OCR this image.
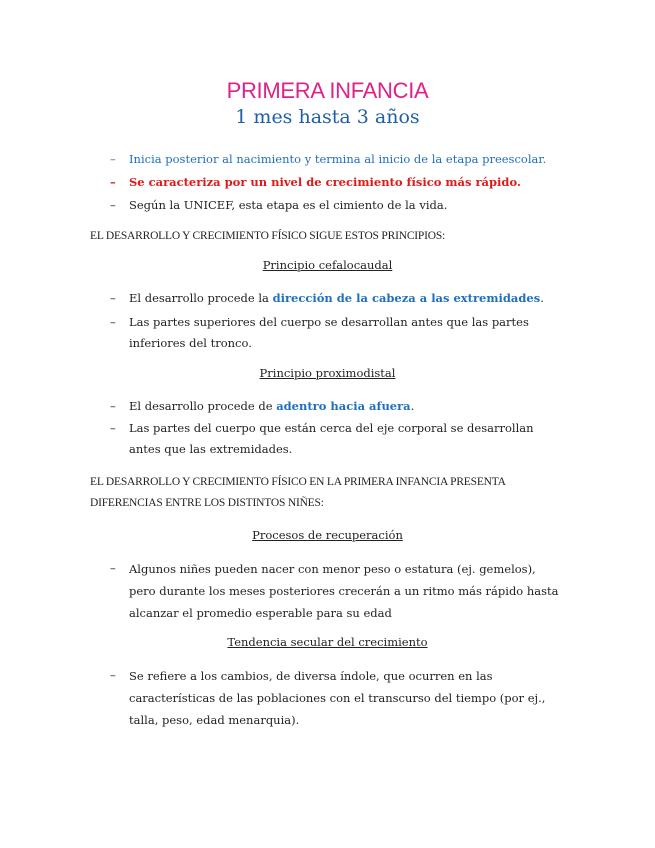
PRIMERA INFANCIA
1 mes hasta 3 años
–	Inicia posterior al nacimiento y termina al inicio de la etapa preescolar.
–	Se caracteriza por un nivel de crecimiento físico más rápido.
–	Según la UNICEF, esta etapa es el cimiento de la vida.
EL DESARROLLO Y CRECIMIENTO FÍSICO SIGUE ESTOS PRINCIPIOS:
Principio cefalocaudal
–	El desarrollo procede la dirección de la cabeza a las extremidades.
–	Las partes superiores del cuerpo se desarrollan antes que las partes
inferiores del tronco.
Principio proximodistal
–	El desarrollo procede de adentro hacia afuera.
–	Las partes del cuerpo que están cerca del eje corporal se desarrollan
antes que las extremidades.
EL DESARROLLO Y CRECIMIENTO FÍSICO EN LA PRIMERA INFANCIA PRESENTA
DIFERENCIAS ENTRE LOS DISTINTOS NIÑES:
Procesos de recuperación
–	Algunos niñes pueden nacer con menor peso o estatura (ej. gemelos),
pero durante los meses posteriores crecerán a un ritmo más rápido hasta
alcanzar el promedio esperable para su edad
Tendencia secular del crecimiento
–	Se refiere a los cambios, de diversa índole, que ocurren en las
características de las poblaciones con el transcurso del tiempo (por ej.,
talla, peso, edad menarquia).
